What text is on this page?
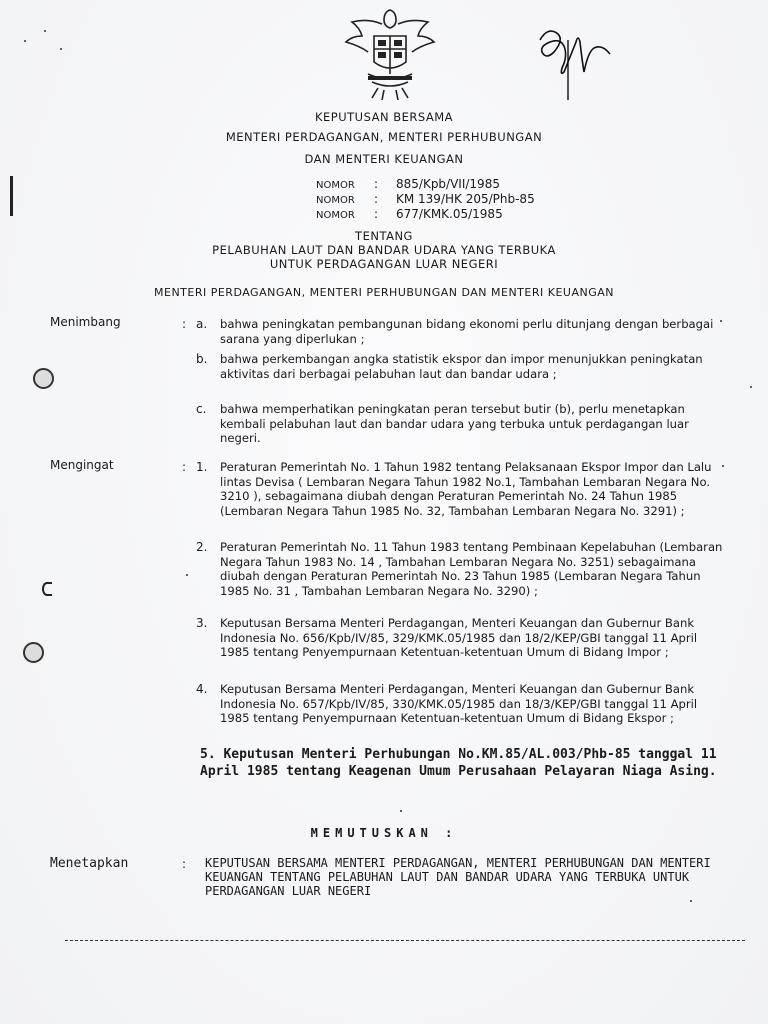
KEPUTUSAN BERSAMA
MENTERI PERDAGANGAN, MENTERI PERHUBUNGAN
DAN MENTERI KEUANGAN
NOMOR : 885/Kpb/VII/1985
NOMOR : KM 139/HK 205/Phb-85
NOMOR : 677/KMK.05/1985
TENTANG
PELABUHAN LAUT DAN BANDAR UDARA YANG TERBUKA
UNTUK PERDAGANGAN LUAR NEGERI
MENTERI PERDAGANGAN, MENTERI PERHUBUNGAN DAN MENTERI KEUANGAN
Menimbang	: a. bahwa peningkatan pembangunan bidang ekonomi perlu ditunjang dengan berbagai sarana yang diperlukan ;
b. bahwa perkembangan angka statistik ekspor dan impor menunjukkan peningkatan aktivitas dari berbagai pelabuhan laut dan bandar udara ;
c. bahwa memperhatikan peningkatan peran tersebut butir (b), perlu menetapkan kembali pelabuhan laut dan bandar udara yang terbuka untuk perdagangan luar negeri.
Mengingat	: 1. Peraturan Pemerintah No. 1 Tahun 1982 tentang Pelaksanaan Ekspor Impor dan Lalu lintas Devisa ( Lembaran Negara Tahun 1982 No.1, Tambahan Lembaran Negara No. 3210 ), sebagaimana diubah dengan Peraturan Pemerintah No. 24 Tahun 1985 (Lembaran Negara Tahun 1985 No. 32, Tambahan Lembaran Negara No. 3291) ;
2. Peraturan Pemerintah No. 11 Tahun 1983 tentang Pembinaan Kepelabuhan (Lembaran Negara Tahun 1983 No. 14 , Tambahan Lembaran Negara No. 3251) sebagaimana diubah dengan Peraturan Pemerintah No. 23 Tahun 1985 (Lembaran Negara Tahun 1985 No. 31 , Tambahan Lembaran Negara No. 3290) ;
3. Keputusan Bersama Menteri Perdagangan, Menteri Keuangan dan Gubernur Bank Indonesia No. 656/Kpb/IV/85, 329/KMK.05/1985 dan 18/2/KEP/GBI tanggal 11 April 1985 tentang Penyempurnaan Ketentuan-ketentuan Umum di Bidang Impor ;
4. Keputusan Bersama Menteri Perdagangan, Menteri Keuangan dan Gubernur Bank Indonesia No. 657/Kpb/IV/85, 330/KMK.05/1985 dan 18/3/KEP/GBI tanggal 11 April 1985 tentang Penyempurnaan Ketentuan-ketentuan Umum di Bidang Ekspor ;
5. Keputusan Menteri Perhubungan No.KM.85/AL.003/Phb-85 tanggal 11 April 1985 tentang Keagenan Umum Perusahaan Pelayaran Niaga Asing.
MEMUTUSKAN :
Menetapkan	: KEPUTUSAN BERSAMA MENTERI PERDAGANGAN, MENTERI PERHUBUNGAN DAN MENTERI KEUANGAN TENTANG PELABUHAN LAUT DAN BANDAR UDARA YANG TERBUKA UNTUK PERDAGANGAN LUAR NEGERI
